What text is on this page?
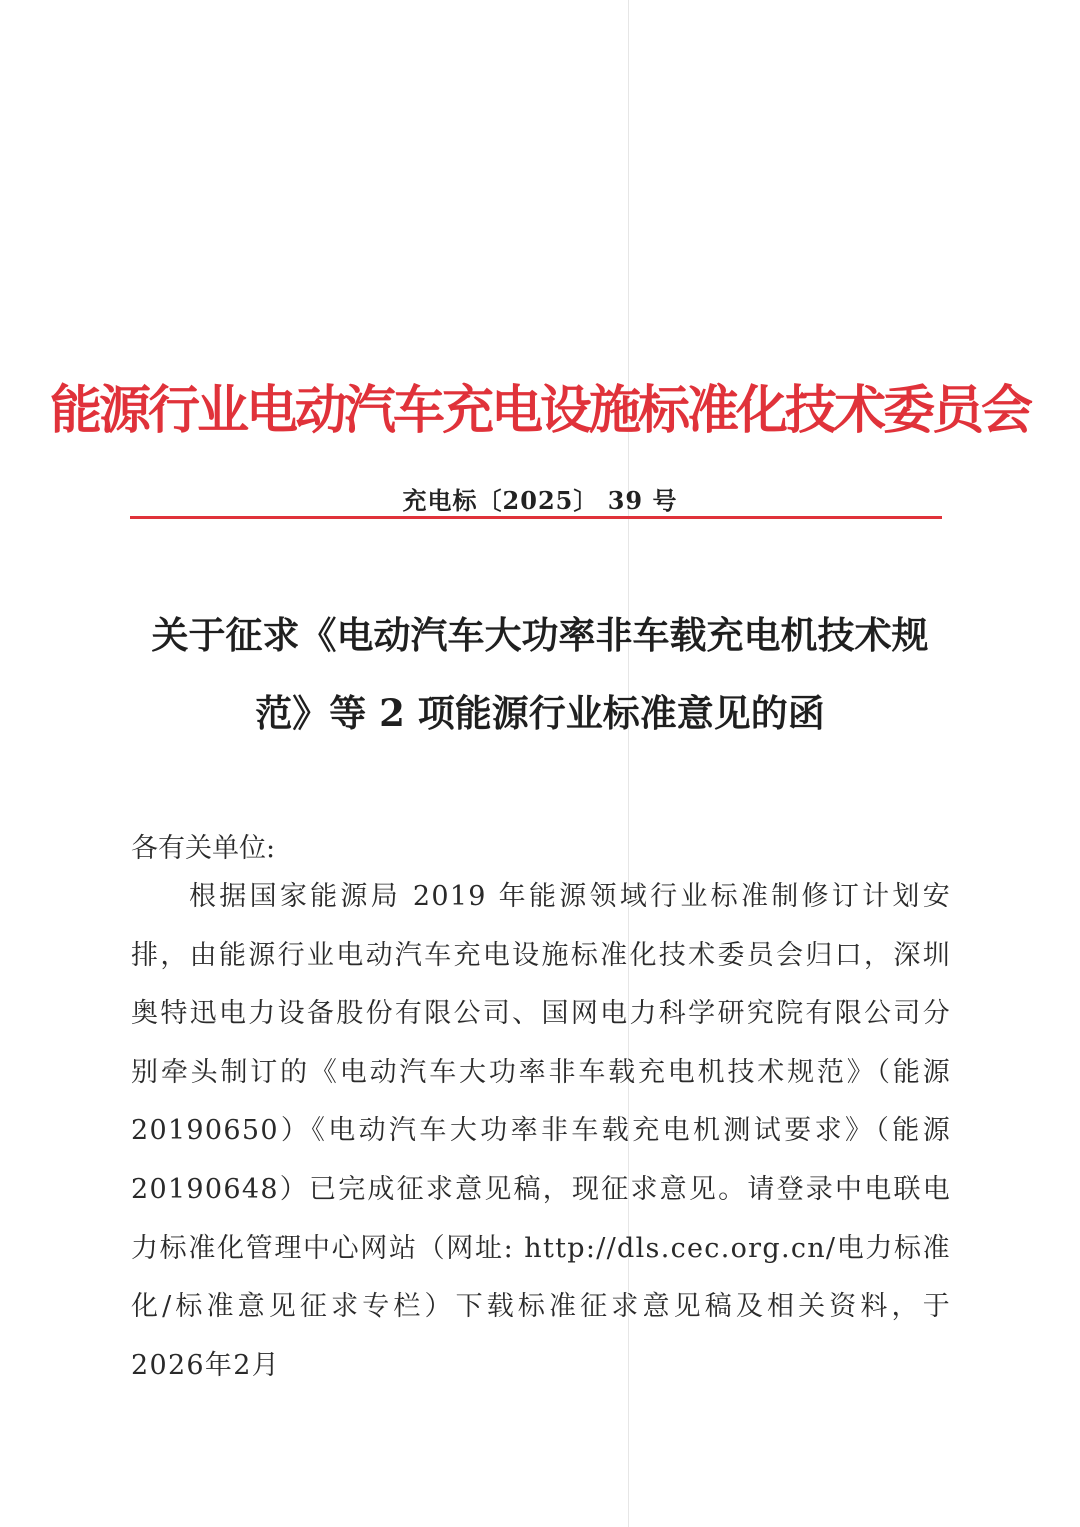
能源行业电动汽车充电设施标准化技术委员会
充电标〔2025〕 39 号
关于征求《电动汽车大功率非车载充电机技术规
范》等 2 项能源行业标准意见的函
各有关单位:
根据国家能源局 2019 年能源领域行业标准制修订计划安排，由能源行业电动汽车充电设施标准化技术委员会归口，深圳奥特迅电力设备股份有限公司、国网电力科学研究院有限公司分别牵头制订的《电动汽车大功率非车载充电机技术规范》（能源20190650）《电动汽车大功率非车载充电机测试要求》（能源20190648）已完成征求意见稿，现征求意见。请登录中电联电力标准化管理中心网站（网址: http://dls.cec.org.cn/电力标准化/标准意见征求专栏）下载标准征求意见稿及相关资料，于2026年2月
